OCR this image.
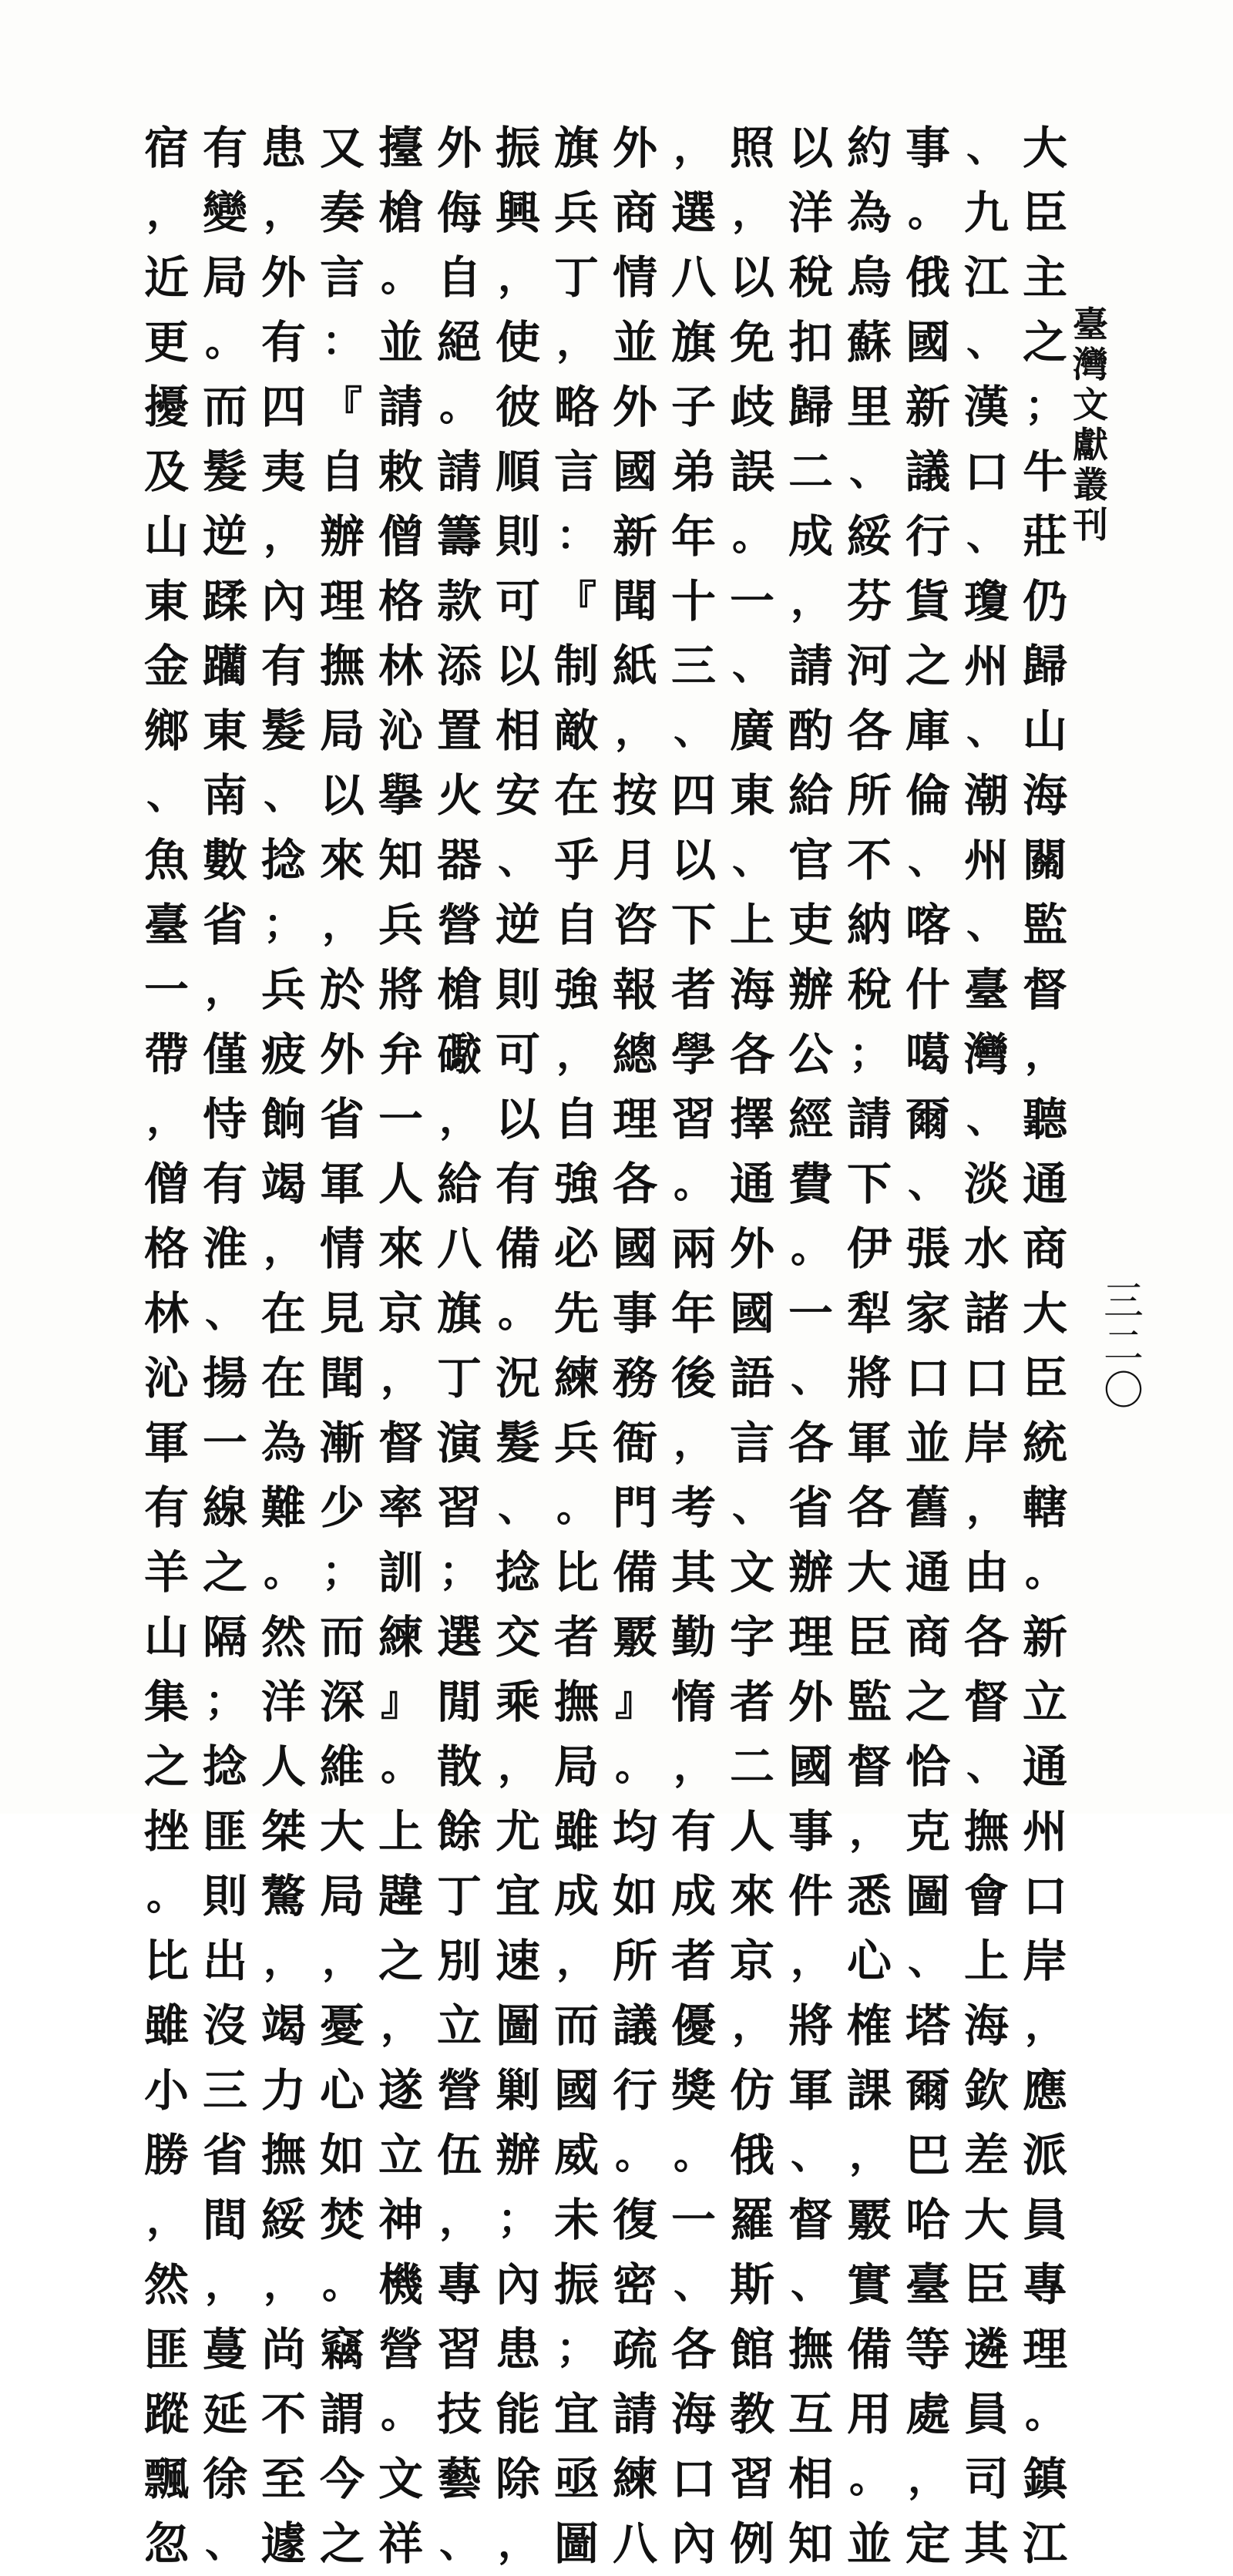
臺
灣
文
獻
叢
刊
三
二
〇
大
臣
主
之
；
牛
莊
仍
歸
山
海
關
監
督
，
聽
通
商
大
臣
統
轄
。
新
立
通
州
口
岸
，
應
派
員
專
理
。
鎮
江
、
九
江
、
漢
口
、
瓊
州
、
潮
州
、
臺
灣
、
淡
水
諸
口
岸
，
由
各
督
、
撫
會
上
海
欽
差
大
臣
遴
員
司
其
事
。
俄
國
新
議
行
貨
之
庫
倫
、
喀
什
噶
爾
、
張
家
口
並
舊
通
商
之
恰
克
圖
、
塔
爾
巴
哈
臺
等
處
，
定
約
為
烏
蘇
里
、
綏
芬
河
各
所
不
納
稅
；
請
下
伊
犁
將
軍
各
大
臣
監
督
，
悉
心
榷
課
，
覈
實
備
用
。
並
以
洋
稅
扣
歸
二
成
，
請
酌
給
官
吏
辦
公
經
費
。
一
、
各
省
辦
理
外
國
事
件
，
將
軍
、
督
、
撫
互
相
知
照
，
以
免
歧
誤
。
一
、
廣
東
、
上
海
各
擇
通
外
國
語
言
、
文
字
者
二
人
來
京
，
仿
俄
羅
斯
館
教
習
例
，
選
八
旗
子
弟
年
十
三
、
四
以
下
者
學
習
。
兩
年
後
，
考
其
勤
惰
，
有
成
者
優
獎
。
一
、
各
海
口
內
外
商
情
並
外
國
新
聞
紙
，
按
月
咨
報
總
理
各
國
事
務
衙
門
備
覈
』
。
均
如
所
議
行
。
復
密
疏
請
練
八
旗
兵
丁
，
略
言
：
『
制
敵
在
乎
自
強
，
自
強
必
先
練
兵
。
比
者
撫
局
雖
成
，
而
國
威
未
振
；
宜
亟
圖
振
興
，
使
彼
順
則
可
以
相
安
、
逆
則
可
以
有
備
。
況
髮
、
捻
交
乘
，
尤
宜
速
圖
剿
辦
；
內
患
能
除
，
外
侮
自
絕
。
請
籌
款
添
置
火
器
營
槍
礮
，
給
八
旗
丁
演
習
；
選
閒
散
餘
丁
別
立
營
伍
，
專
習
技
藝
、
擡
槍
。
並
請
敕
僧
格
林
沁
擧
知
兵
將
弁
一
人
來
京
，
督
率
訓
練
』
。
上
韙
之
，
遂
立
神
機
營
。
文
祥
又
奏
言
：
『
自
辦
理
撫
局
以
來
，
於
外
省
軍
情
見
聞
漸
少
；
而
深
維
大
局
，
憂
心
如
焚
。
竊
謂
今
之
患
，
外
有
四
夷
，
內
有
髮
、
捻
；
兵
疲
餉
竭
，
在
在
為
難
。
然
洋
人
桀
驁
，
竭
力
撫
綏
，
尚
不
至
遽
有
變
局
。
而
髮
逆
蹂
躪
東
南
數
省
，
僅
恃
有
淮
、
揚
一
線
之
隔
；
捻
匪
則
出
沒
三
省
間
，
蔓
延
徐
、
宿
，
近
更
擾
及
山
東
金
鄉
、
魚
臺
一
帶
，
僧
格
林
沁
軍
有
羊
山
集
之
挫
。
比
雖
小
勝
，
然
匪
蹤
飄
忽
